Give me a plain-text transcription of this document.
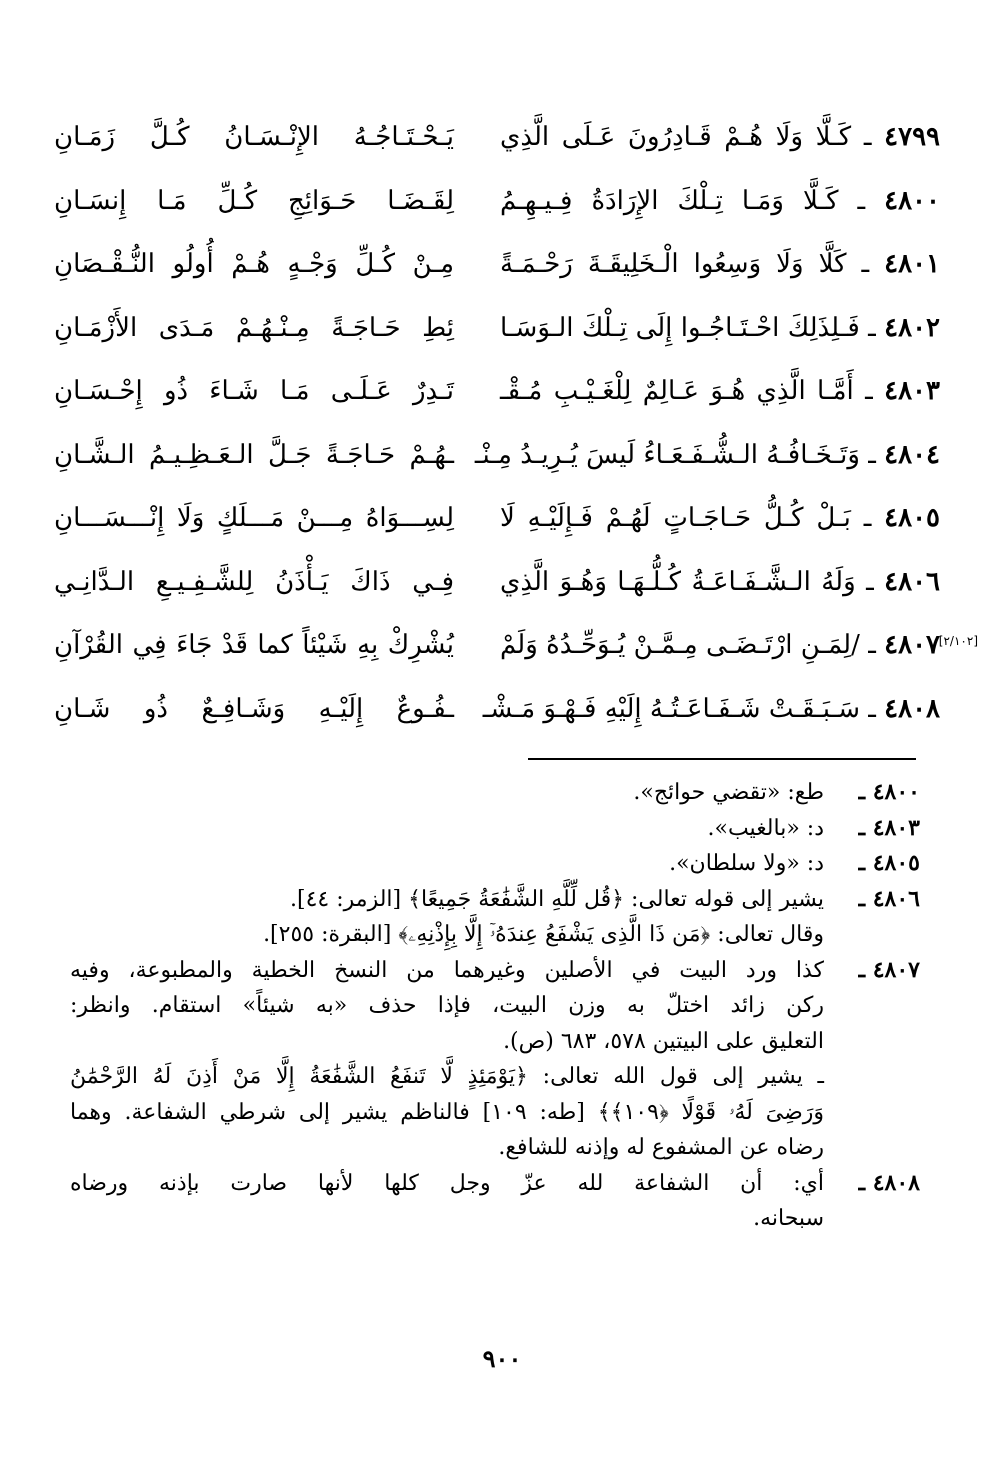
٤٧٩٩ ـ كَـلَّا وَلَا هُـمْ قَـادِرُونَ عَـلَى الَّذِي
يَـحْـتَـاجُـهُ الإِنْـسَـانُ كُـلَّ زَمَـانِ
٤٨٠٠ ـ كَـلَّا وَمَـا تِـلْكَ الإِرَادَةُ فِـيـهِـمُ
لِقَـضَـا حَـوَائِجِ كُـلِّ مَـا إِنسَـانِ
٤٨٠١ ـ كَلَّا وَلَا وَسِعُوا الْـخَلِيقَـةَ رَحْـمَـةً
مِـنْ كُـلِّ وَجْـهٍ هُـمْ أُولُو النُّـقْـصَانِ
٤٨٠٢ ـ فَـلِذَلِكَ احْـتَـاجُـوا إِلَى تِـلْكَ الـوَسَـا
ئِطِ حَـاجَـةً مِـنْـهُـمْ مَـدَى الأَزْمَـانِ
٤٨٠٣ ـ أَمَّـا الَّذِي هُـوَ عَـالِمٌ لِلْغَـيْـبِ مُـقْـ
تَـدِرٌ عَـلَـى مَـا شَـاءَ ذُو إِحْـسَـانِ
٤٨٠٤ ـ وَتَـخَـافُـهُ الـشُّـفَـعَـاءُ لَيسَ يُـرِيـدُ مِـنْـ
ـهُـمْ حَـاجَـةً جَـلَّ الـعَـظِـيـمُ الـشَّـانِ
٤٨٠٥ ـ بَـلْ كُـلُّ حَـاجَـاتٍ لَهُـمْ فَـإِلَيْـهِ لَا
لِسِـــوَاهُ مِـــنْ مَـــلَكٍ وَلَا إِنْـــسَـــانِ
٤٨٠٦ ـ وَلَهُ الـشَّـفَـاعَـةُ كُـلُّـهَـا وَهُـوَ الَّذِي
فِـي ذَاكَ يَـأْذَنُ لِلشَّـفِـيـعِ الـدَّانِـي
٤٨٠٧ ـ /لِمَـنِ ارْتَـضَـى مِـمَّـنْ يُـوَحِّـدُهُ وَلَمْ
يُشْرِكْ بِهِ شَيْئاً كما قَدْ جَاءَ فِي القُرْآنِ	[٢/١٠٢]
٤٨٠٨ ـ سَـبَـقَـتْ شَـفَـاعَـتُـهُ إِلَيْهِ فَـهْـوَ مَـشْـ
ـفُـوعٌ إِلَيْـهِ وَشَـافِـعٌ ذُو شَـانِ
٤٨٠٠ ـ
طع: «تقضي حوائج».
٤٨٠٣ ـ
د: «بالغيب».
٤٨٠٥ ـ
د: «ولا سلطان».
٤٨٠٦ ـ
يشير إلى قوله تعالى: ﴿قُل لِّلَّهِ الشَّفَٰعَةُ جَمِيعًا﴾ [الزمر: ٤٤].
وقال تعالى: ﴿مَن ذَا الَّذِى يَشْفَعُ عِندَهُۥٓ إِلَّا بِإِذْنِهِۦ﴾ [البقرة: ٢٥٥].
٤٨٠٧ ـ
كذا ورد البيت في الأصلين وغيرهما من النسخ الخطية والمطبوعة، وفيه
ركن زائد اختلّ به وزن البيت، فإذا حذف «به شيئاً» استقام. وانظر:
التعليق على البيتين ٥٧٨، ٦٨٣ (ص).
ـ يشير إلى قول الله تعالى: ﴿يَوْمَئِذٍ لَّا تَنفَعُ الشَّفَٰعَةُ إِلَّا مَنْ أَذِنَ لَهُ الرَّحْمَٰنُ
وَرَضِىَ لَهُۥ قَوْلًا ﴿١٠٩﴾﴾ [طه: ١٠٩] فالناظم يشير إلى شرطي الشفاعة. وهما
رضاه عن المشفوع له وإذنه للشافع.
٤٨٠٨ ـ
أي: أن الشفاعة لله عزّ وجل كلها لأنها صارت بإذنه ورضاه
سبحانه.
٩٠٠
